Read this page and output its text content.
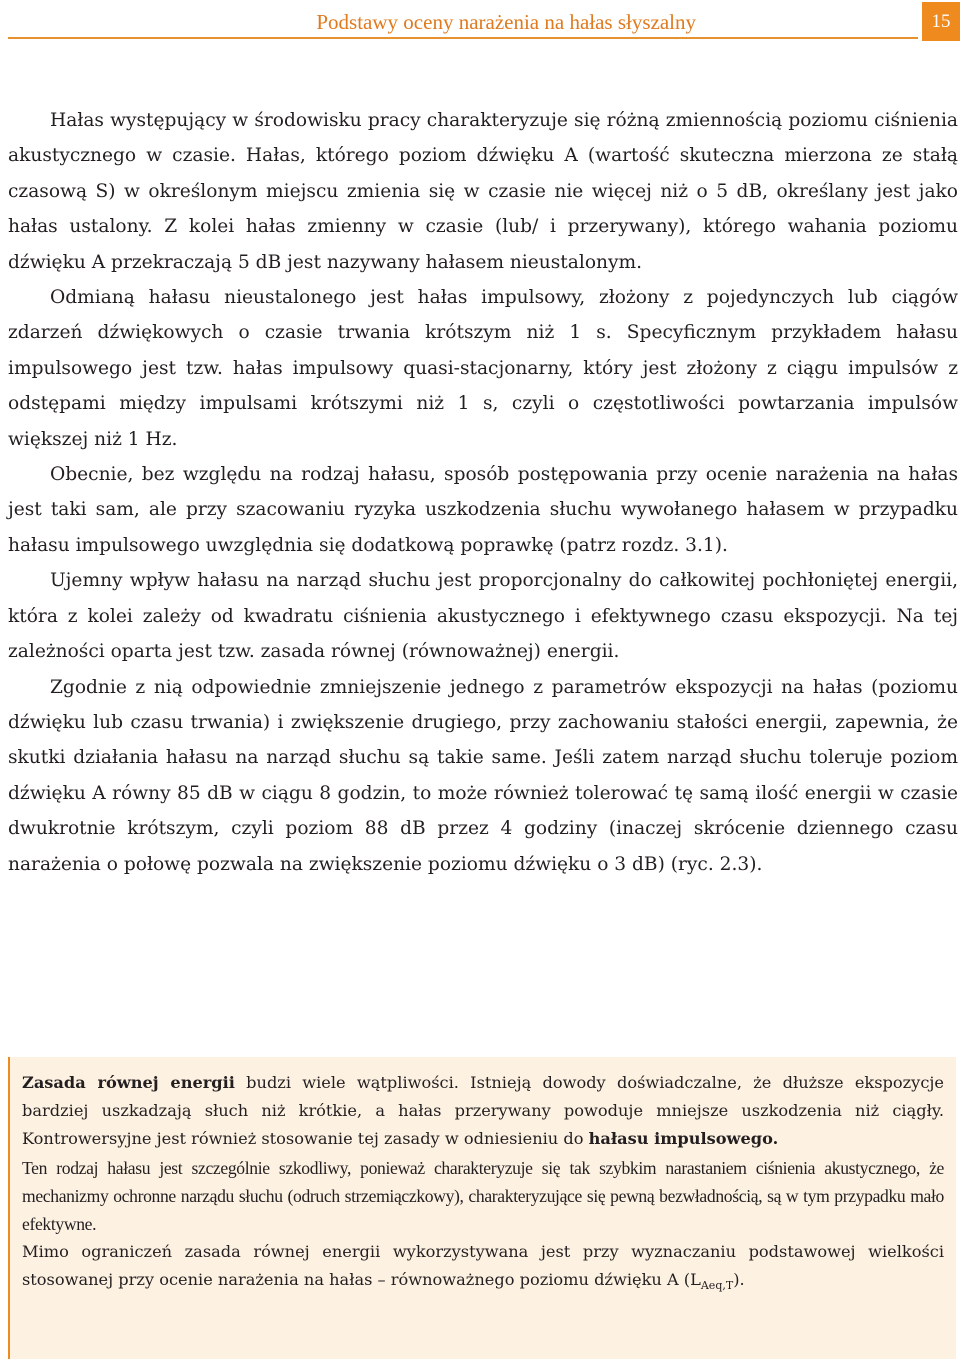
Podstawy oceny narażenia na hałas słyszalny	15

Hałas występujący w środowisku pracy charakteryzuje się różną zmiennością poziomu ciśnienia akustycznego w czasie. Hałas, którego poziom dźwięku A (wartość skuteczna mierzona ze stałą czasową S) w określonym miejscu zmienia się w czasie nie więcej niż o 5 dB, określany jest jako hałas ustalony. Z kolei hałas zmienny w czasie (lub/ i przerywany), którego wahania poziomu dźwięku A przekraczają 5 dB jest nazywany hałasem nieustalonym.

Odmianą hałasu nieustalonego jest hałas impulsowy, złożony z pojedynczych lub ciągów zdarzeń dźwiękowych o czasie trwania krótszym niż 1 s. Specyficznym przykładem hałasu impulsowego jest tzw. hałas impulsowy quasi-stacjonarny, który jest złożony z ciągu impulsów z odstępami między impulsami krótszymi niż 1 s, czyli o częstotliwości powtarzania impulsów większej niż 1 Hz.

Obecnie, bez względu na rodzaj hałasu, sposób postępowania przy ocenie narażenia na hałas jest taki sam, ale przy szacowaniu ryzyka uszkodzenia słuchu wywołanego hałasem w przypadku hałasu impulsowego uwzględnia się dodatkową poprawkę (patrz rozdz. 3.1).

Ujemny wpływ hałasu na narząd słuchu jest proporcjonalny do całkowitej pochłoniętej energii, która z kolei zależy od kwadratu ciśnienia akustycznego i efektywnego czasu ekspozycji. Na tej zależności oparta jest tzw. zasada równej (równoważnej) energii.

Zgodnie z nią odpowiednie zmniejszenie jednego z parametrów ekspozycji na hałas (poziomu dźwięku lub czasu trwania) i zwiększenie drugiego, przy zachowaniu stałości energii, zapewnia, że skutki działania hałasu na narząd słuchu są takie same. Jeśli zatem narząd słuchu toleruje poziom dźwięku A równy 85 dB w ciągu 8 godzin, to może również tolerować tę samą ilość energii w czasie dwukrotnie krótszym, czyli poziom 88 dB przez 4 godziny (inaczej skrócenie dziennego czasu narażenia o połowę pozwala na zwiększenie poziomu dźwięku o 3 dB) (ryc. 2.3).

Zasada równej energii budzi wiele wątpliwości. Istnieją dowody doświadczalne, że dłuższe ekspozycje bardziej uszkadzają słuch niż krótkie, a hałas przerywany powoduje mniejsze uszkodzenia niż ciągły. Kontrowersyjne jest również stosowanie tej zasady w odniesieniu do hałasu impulsowego.

Ten rodzaj hałasu jest szczególnie szkodliwy, ponieważ charakteryzuje się tak szybkim narastaniem ciśnienia akustycznego, że mechanizmy ochronne narządu słuchu (odruch strzemiączkowy), charakteryzujące się pewną bezwładnością, są w tym przypadku mało efektywne.

Mimo ograniczeń zasada równej energii wykorzystywana jest przy wyznaczaniu podstawowej wielkości stosowanej przy ocenie narażenia na hałas – równoważnego poziomu dźwięku A $(L_{Aeq,T})$.
